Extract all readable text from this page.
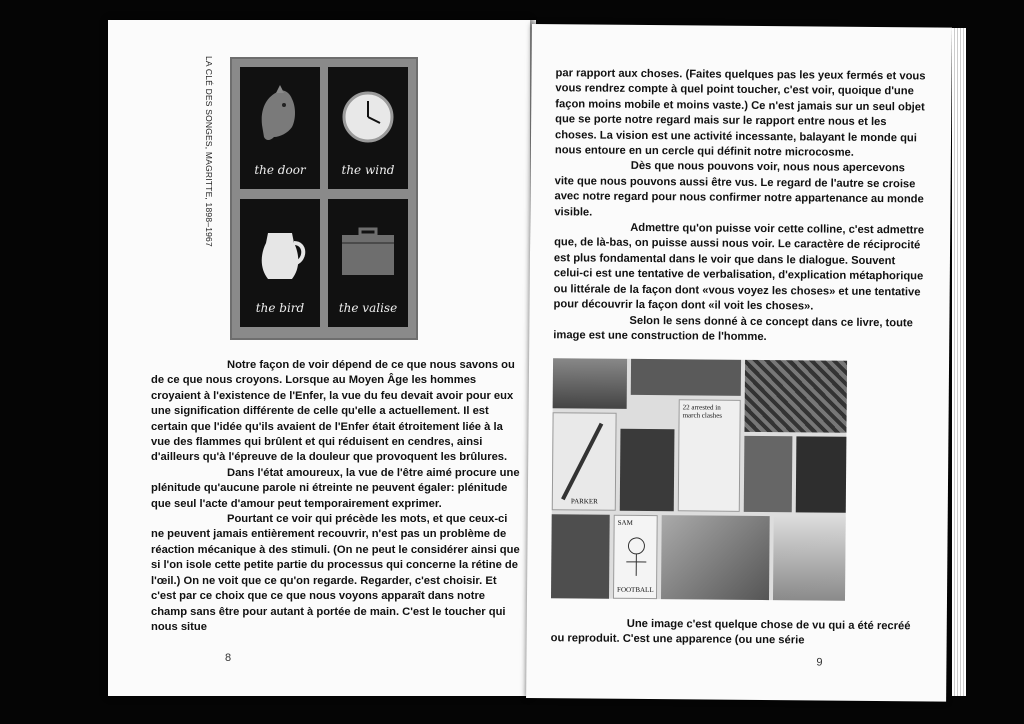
LA CLÉ DES SONGES, MAGRITTE, 1898–1967	the door	the wind
the bird	the valise

Notre façon de voir dépend de ce que nous savons ou de ce que nous croyons. Lorsque au Moyen Âge les hommes croyaient à l'existence de l'Enfer, la vue du feu devait avoir pour eux une signification différente de celle qu'elle a actuellement. Il est certain que l'idée qu'ils avaient de l'Enfer était étroitement liée à la vue des flammes qui brûlent et qui réduisent en cendres, ainsi d'ailleurs qu'à l'épreuve de la douleur que provoquent les brûlures.

Dans l'état amoureux, la vue de l'être aimé procure une plénitude qu'aucune parole ni étreinte ne peuvent égaler: plénitude que seul l'acte d'amour peut temporairement exprimer.

Pourtant ce voir qui précède les mots, et que ceux-ci ne peuvent jamais entièrement recouvrir, n'est pas un problème de réaction mécanique à des stimuli. (On ne peut le considérer ainsi que si l'on isole cette petite partie du processus qui concerne la rétine de l'œil.) On ne voit que ce qu'on regarde. Regarder, c'est choisir. Et c'est par ce choix que ce que nous voyons apparaît dans notre champ sans être pour autant à portée de main. C'est le toucher qui nous situe

8

par rapport aux choses. (Faites quelques pas les yeux fermés et vous vous rendrez compte à quel point toucher, c'est voir, quoique d'une façon moins mobile et moins vaste.) Ce n'est jamais sur un seul objet que se porte notre regard mais sur le rapport entre nous et les choses. La vision est une activité incessante, balayant le monde qui nous entoure en un cercle qui définit notre microcosme.

Dès que nous pouvons voir, nous nous apercevons vite que nous pouvons aussi être vus. Le regard de l'autre se croise avec notre regard pour nous confirmer notre appartenance au monde visible.

Admettre qu'on puisse voir cette colline, c'est admettre que, de là-bas, on puisse aussi nous voir. Le caractère de réciprocité est plus fondamental dans le voir que dans le dialogue. Souvent celui-ci est une tentative de verbalisation, d'explication métaphorique ou littérale de la façon dont «vous voyez les choses» et une tentative pour découvrir la façon dont «il voit les choses».

Selon le sens donné à ce concept dans ce livre, toute image est une construction de l'homme.

PARKER
22 arrested in march clashes
SAM
FOOTBALL

Une image c'est quelque chose de vu qui a été recréé ou reproduit. C'est une apparence (ou une série

9
